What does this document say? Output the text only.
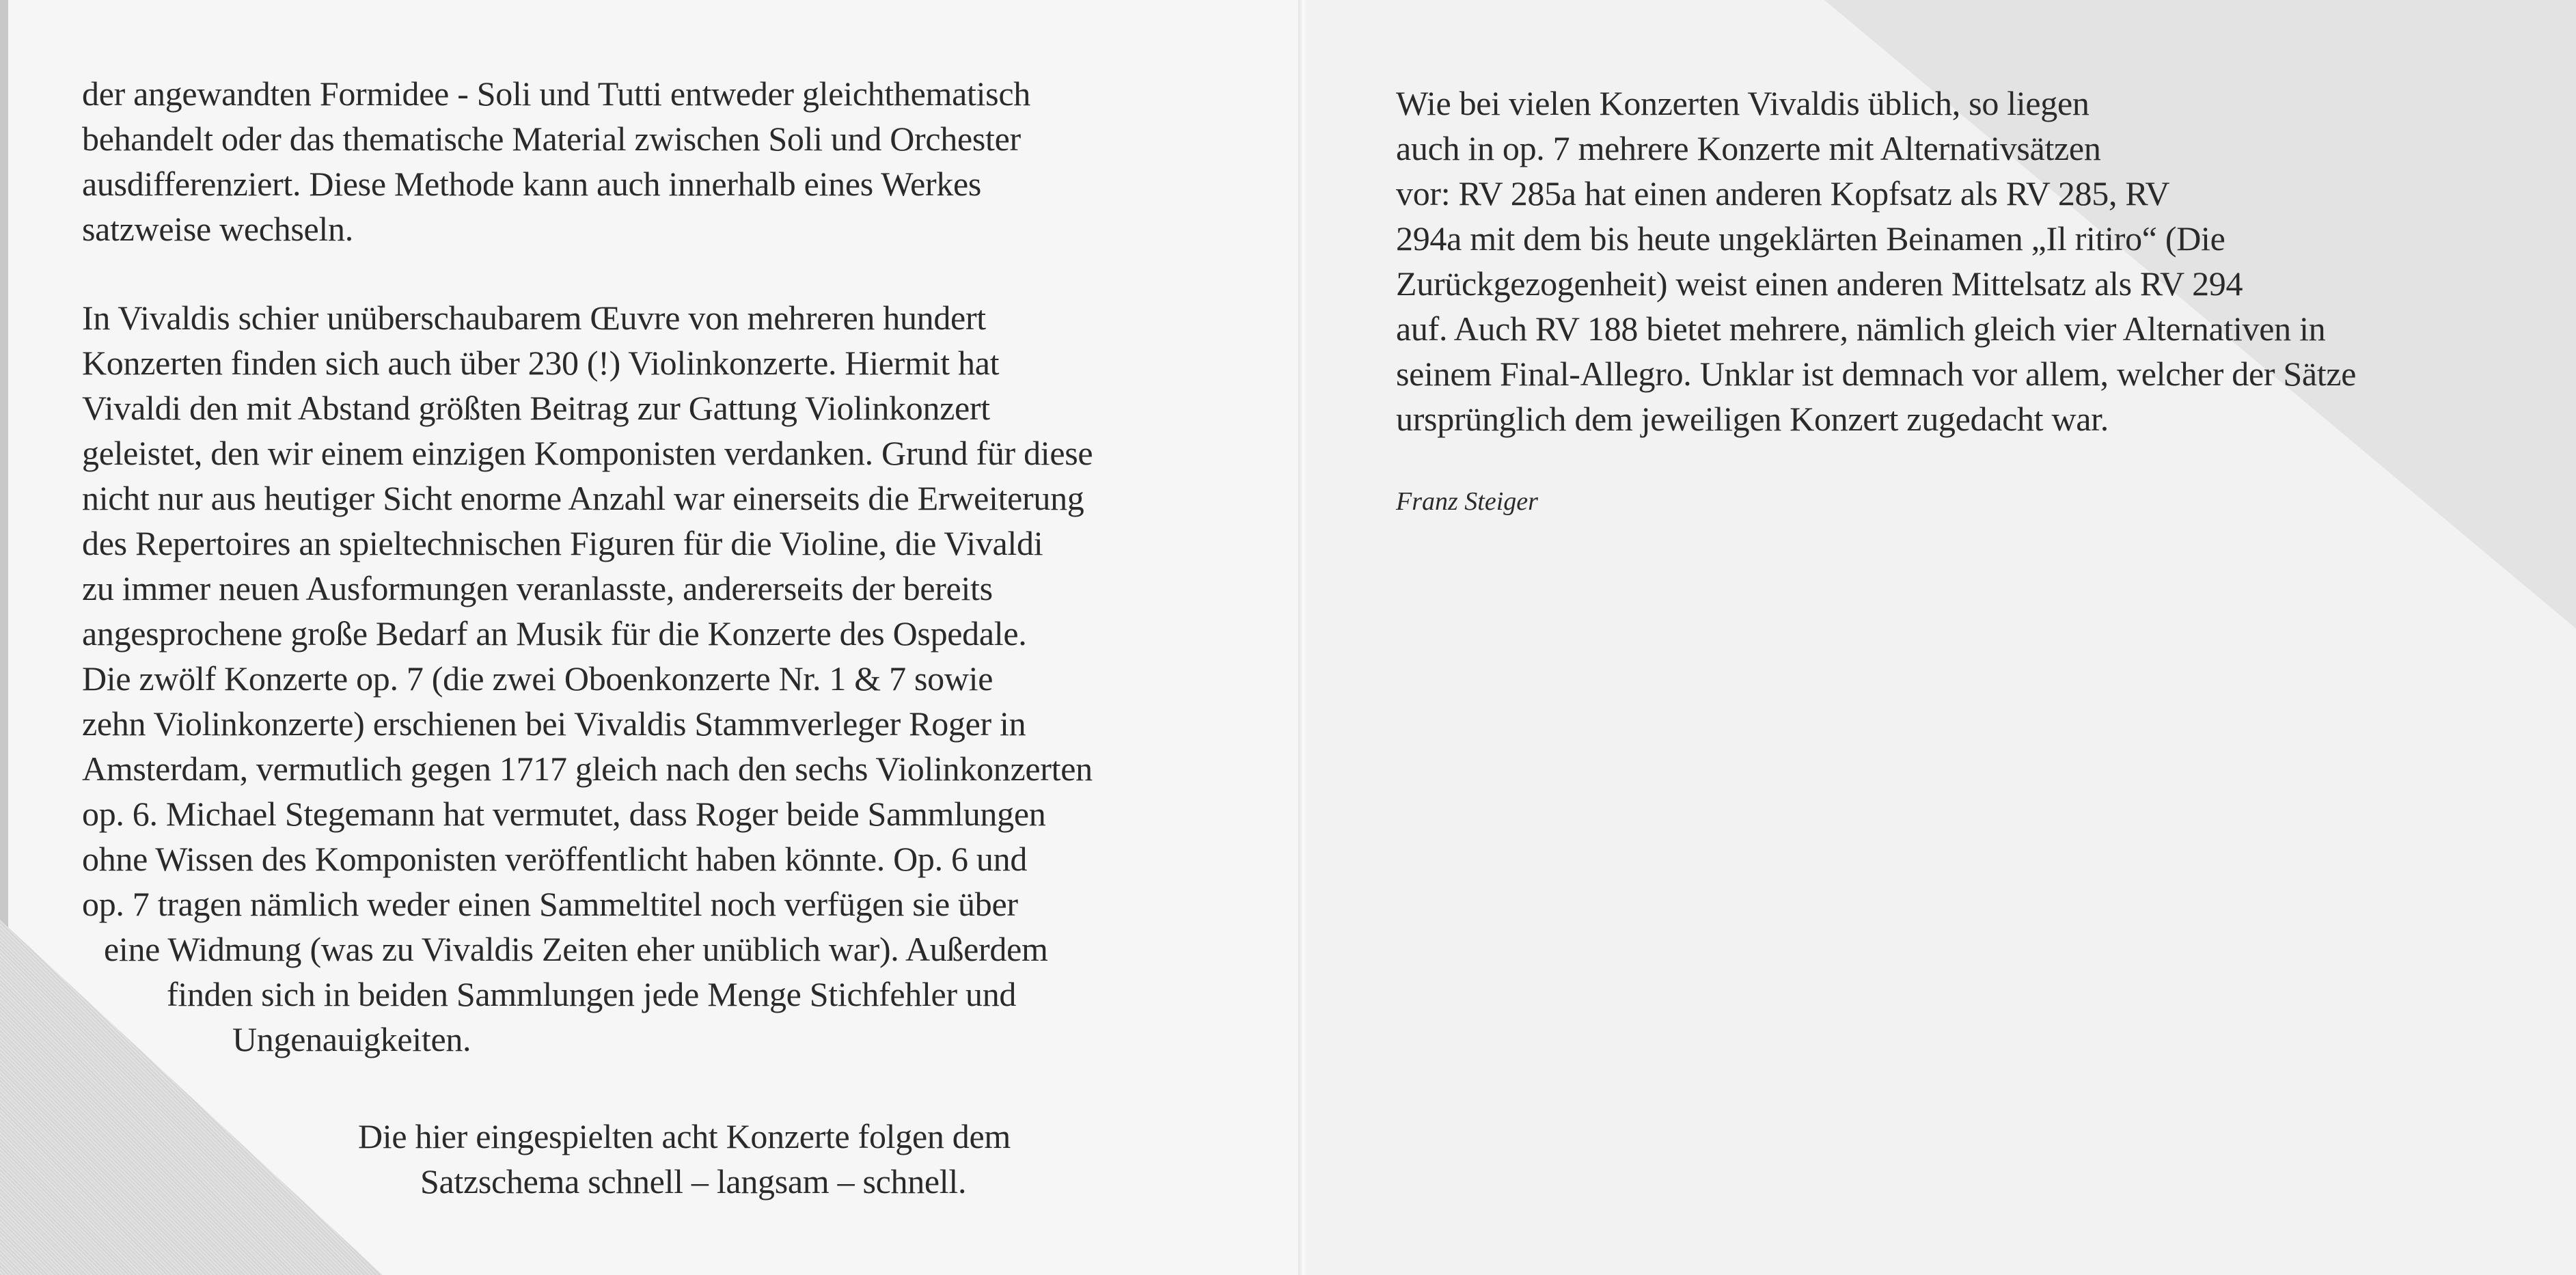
der angewandten Formidee - Soli und Tutti entweder gleichthematisch
behandelt oder das thematische Material zwischen Soli und Orchester
ausdifferenziert. Diese Methode kann auch innerhalb eines Werkes
satzweise wechseln.
In Vivaldis schier unüberschaubarem Œuvre von mehreren hundert
Konzerten finden sich auch über 230 (!) Violinkonzerte. Hiermit hat
Vivaldi den mit Abstand größten Beitrag zur Gattung Violinkonzert
geleistet, den wir einem einzigen Komponisten verdanken. Grund für diese
nicht nur aus heutiger Sicht enorme Anzahl war einerseits die Erweiterung
des Repertoires an spieltechnischen Figuren für die Violine, die Vivaldi
zu immer neuen Ausformungen veranlasste, andererseits der bereits
angesprochene große Bedarf an Musik für die Konzerte des Ospedale.
Die zwölf Konzerte op. 7 (die zwei Oboenkonzerte Nr. 1 & 7 sowie
zehn Violinkonzerte) erschienen bei Vivaldis Stammverleger Roger in
Amsterdam, vermutlich gegen 1717 gleich nach den sechs Violinkonzerten
op. 6. Michael Stegemann hat vermutet, dass Roger beide Sammlungen
ohne Wissen des Komponisten veröffentlicht haben könnte. Op. 6 und
op. 7 tragen nämlich weder einen Sammeltitel noch verfügen sie über
eine Widmung (was zu Vivaldis Zeiten eher unüblich war). Außerdem
finden sich in beiden Sammlungen jede Menge Stichfehler und
Ungenauigkeiten.
Die hier eingespielten acht Konzerte folgen dem
Satzschema schnell – langsam – schnell.
Wie bei vielen Konzerten Vivaldis üblich, so liegen
auch in op. 7 mehrere Konzerte mit Alternativsätzen
vor: RV 285a hat einen anderen Kopfsatz als RV 285, RV
294a mit dem bis heute ungeklärten Beinamen „Il ritiro“ (Die
Zurückgezogenheit) weist einen anderen Mittelsatz als RV 294
auf. Auch RV 188 bietet mehrere, nämlich gleich vier Alternativen in
seinem Final-Allegro. Unklar ist demnach vor allem, welcher der Sätze
ursprünglich dem jeweiligen Konzert zugedacht war.
Franz Steiger
